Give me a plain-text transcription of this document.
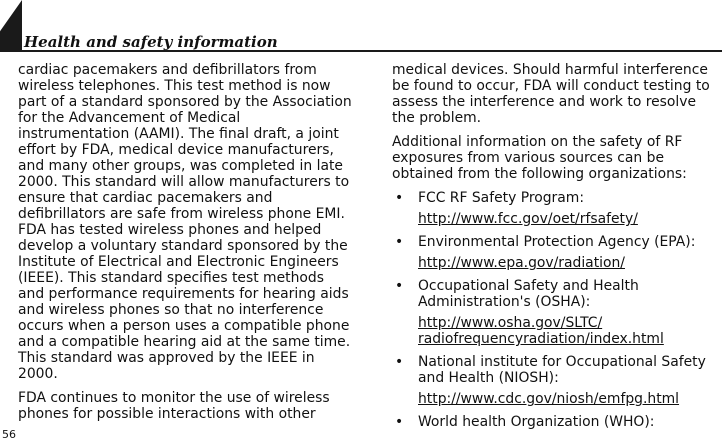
Health and safety information

cardiac pacemakers and defibrillators from wireless telephones. This test method is now part of a standard sponsored by the Association for the Advancement of Medical instrumentation (AAMI). The final draft, a joint effort by FDA, medical device manufacturers, and many other groups, was completed in late 2000. This standard will allow manufacturers to ensure that cardiac pacemakers and defibrillators are safe from wireless phone EMI. FDA has tested wireless phones and helped develop a voluntary standard sponsored by the Institute of Electrical and Electronic Engineers (IEEE). This standard specifies test methods and performance requirements for hearing aids and wireless phones so that no interference occurs when a person uses a compatible phone and a compatible hearing aid at the same time. This standard was approved by the IEEE in 2000.

FDA continues to monitor the use of wireless phones for possible interactions with other

medical devices. Should harmful interference be found to occur, FDA will conduct testing to assess the interference and work to resolve the problem.

Additional information on the safety of RF exposures from various sources can be obtained from the following organizations:

• FCC RF Safety Program:
http://www.fcc.gov/oet/rfsafety/
• Environmental Protection Agency (EPA):
http://www.epa.gov/radiation/
• Occupational Safety and Health Administration's (OSHA):
http://www.osha.gov/SLTC/ radiofrequencyradiation/index.html
• National institute for Occupational Safety and Health (NIOSH):
http://www.cdc.gov/niosh/emfpg.html
• World health Organization (WHO):
56
